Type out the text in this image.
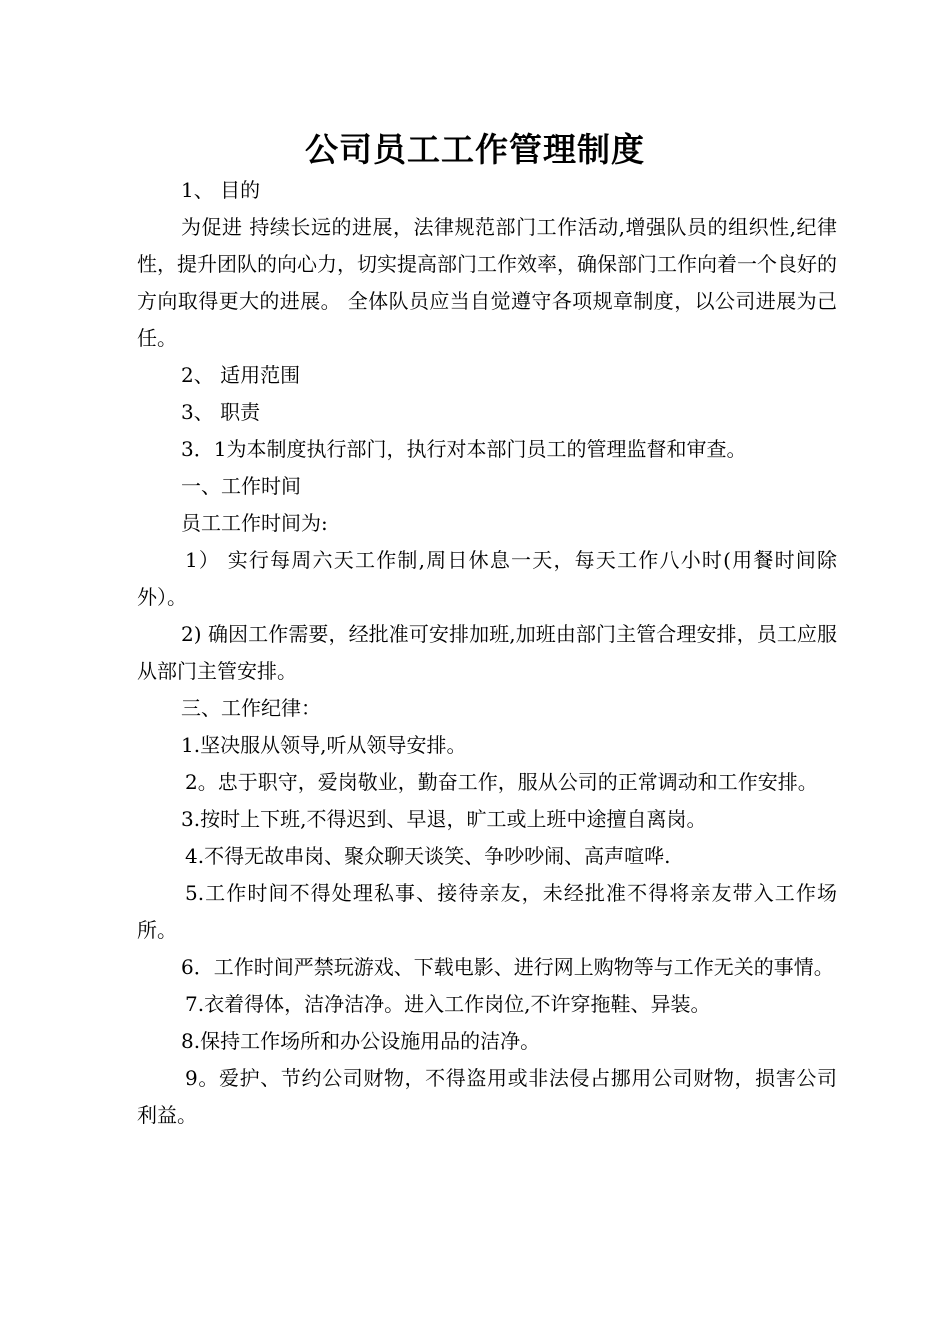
公司员工工作管理制度

1、 目的

为促进 持续长远的进展，法律规范部门工作活动,增强队员的组织性,纪律性，提升团队的向心力，切实提高部门工作效率，确保部门工作向着一个良好的方向取得更大的进展。 全体队员应当自觉遵守各项规章制度，以公司进展为己任。

2、 适用范围

3、 职责

3．1为本制度执行部门，执行对本部门员工的管理监督和审查。

一、工作时间

员工工作时间为:

1） 实行每周六天工作制,周日休息一天，每天工作八小时(用餐时间除外）。

2) 确因工作需要，经批准可安排加班,加班由部门主管合理安排，员工应服从部门主管安排。

三、工作纪律：

1.坚决服从领导,听从领导安排。

2。忠于职守，爱岗敬业，勤奋工作，服从公司的正常调动和工作安排。

3.按时上下班,不得迟到、早退，旷工或上班中途擅自离岗。

4.不得无故串岗、聚众聊天谈笑、争吵吵闹、高声喧哗.

5.工作时间不得处理私事、接待亲友，未经批准不得将亲友带入工作场所。

6．工作时间严禁玩游戏、下载电影、进行网上购物等与工作无关的事情。

7.衣着得体，洁净洁净。进入工作岗位,不许穿拖鞋、异装。

8.保持工作场所和办公设施用品的洁净。

9。爱护、节约公司财物，不得盗用或非法侵占挪用公司财物，损害公司利益。
